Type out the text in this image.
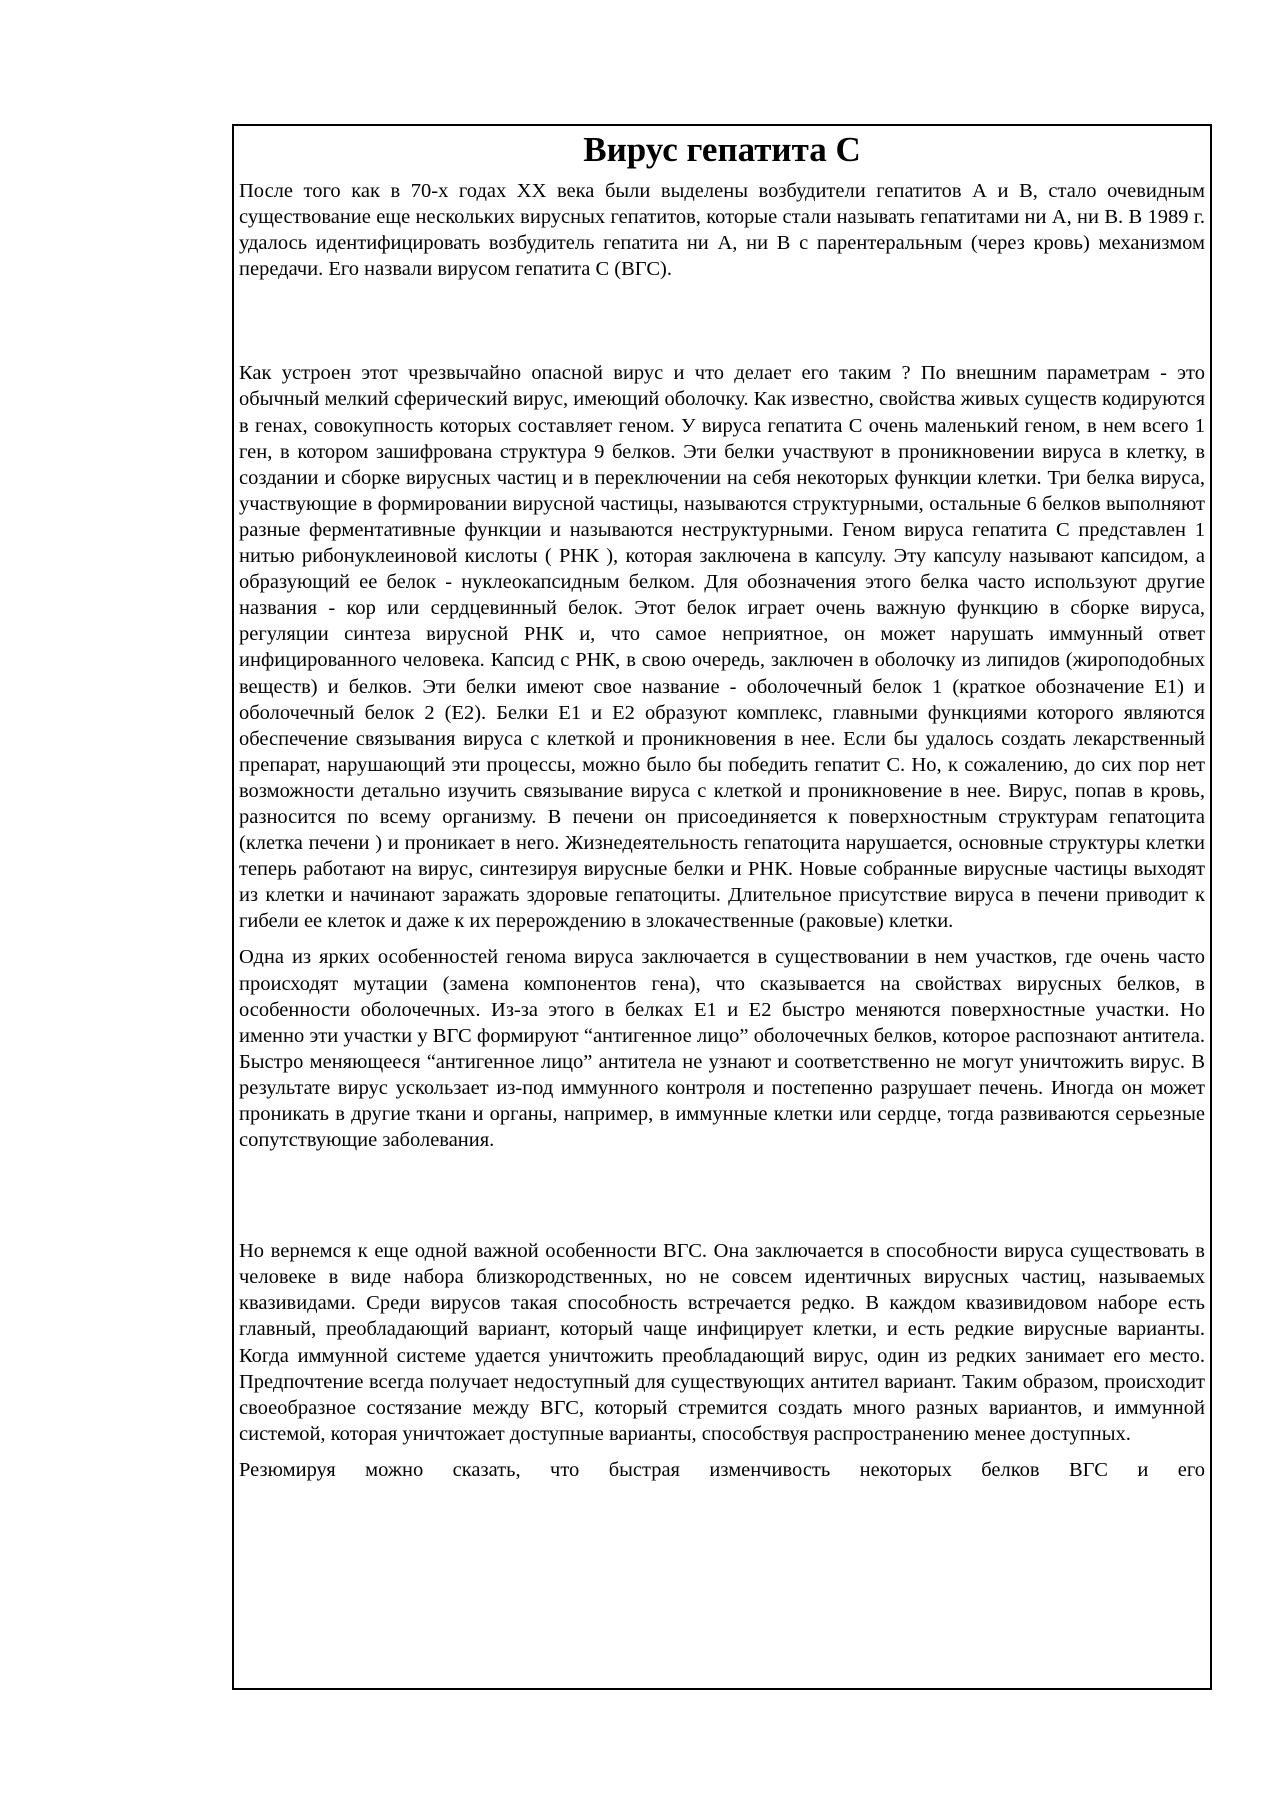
Вирус гепатита С

После того как в 70-х годах ХХ века были выделены возбудители гепатитов А и В, стало очевидным существование еще нескольких вирусных гепатитов, которые стали называть гепатитами ни А, ни В. В 1989 г. удалось идентифицировать возбудитель гепатита ни А, ни В с парентеральным (через кровь) механизмом передачи. Его назвали вирусом гепатита С (ВГС).

Как устроен этот чрезвычайно опасной вирус и что делает его таким ? По внешним параметрам - это обычный мелкий сферический вирус, имеющий оболочку. Как известно, свойства живых существ кодируются в генах, совокупность которых составляет геном. У вируса гепатита С очень маленький геном, в нем всего 1 ген, в котором зашифрована структура 9 белков. Эти белки участвуют в проникновении вируса в клетку, в создании и сборке вирусных частиц и в переключении на себя некоторых функции клетки. Три белка вируса, участвующие в формировании вирусной частицы, называются структурными, остальные 6 белков выполняют разные ферментативные функции и называются неструктурными. Геном вируса гепатита С представлен 1 нитью рибонуклеиновой кислоты ( РНК ), которая заключена в капсулу. Эту капсулу называют капсидом, а образующий ее белок - нуклеокапсидным белком. Для обозначения этого белка часто используют другие названия - кор или сердцевинный белок. Этот белок играет очень важную функцию в сборке вируса, регуляции синтеза вирусной РНК и, что самое неприятное, он может нарушать иммунный ответ инфицированного человека. Капсид с РНК, в свою очередь, заключен в оболочку из липидов (жироподобных веществ) и белков. Эти белки имеют свое название - оболочечный белок 1 (краткое обозначение Е1) и оболочечный белок 2 (Е2). Белки Е1 и Е2 образуют комплекс, главными функциями которого являются обеспечение связывания вируса с клеткой и проникновения в нее. Если бы удалось создать лекарственный препарат, нарушающий эти процессы, можно было бы победить гепатит С. Но, к сожалению, до сих пор нет возможности детально изучить связывание вируса с клеткой и проникновение в нее. Вирус, попав в кровь, разносится по всему организму. В печени он присоединяется к поверхностным структурам гепатоцита (клетка печени ) и проникает в него. Жизнедеятельность гепатоцита нарушается, основные структуры клетки теперь работают на вирус, синтезируя вирусные белки и РНК. Новые собранные вирусные частицы выходят из клетки и начинают заражать здоровые гепатоциты. Длительное присутствие вируса в печени приводит к гибели ее клеток и даже к их перерождению в злокачественные (раковые) клетки.

Одна из ярких особенностей генома вируса заключается в существовании в нем участков, где очень часто происходят мутации (замена компонентов гена), что сказывается на свойствах вирусных белков, в особенности оболочечных. Из-за этого в белках Е1 и Е2 быстро меняются поверхностные участки. Но именно эти участки у ВГС формируют “антигенное лицо” оболочечных белков, которое распознают антитела. Быстро меняющееся “антигенное лицо” антитела не узнают и соответственно не могут уничтожить вирус. В результате вирус ускользает из-под иммунного контроля и постепенно разрушает печень. Иногда он может проникать в другие ткани и органы, например, в иммунные клетки или сердце, тогда развиваются серьезные сопутствующие заболевания.

Но вернемся к еще одной важной особенности ВГС. Она заключается в способности вируса существовать в человеке в виде набора близкородственных, но не совсем идентичных вирусных частиц, называемых квазивидами. Среди вирусов такая способность встречается редко. В каждом квазивидовом наборе есть главный, преобладающий вариант, который чаще инфицирует клетки, и есть редкие вирусные варианты. Когда иммунной системе удается уничтожить преобладающий вирус, один из редких занимает его место. Предпочтение всегда получает недоступный для существующих антител вариант. Таким образом, происходит своеобразное состязание между ВГС, который стремится создать много разных вариантов, и иммунной системой, которая уничтожает доступные варианты, способствуя распространению менее доступных.

Резюмируя можно сказать, что быстрая изменчивость некоторых белков ВГС и его
